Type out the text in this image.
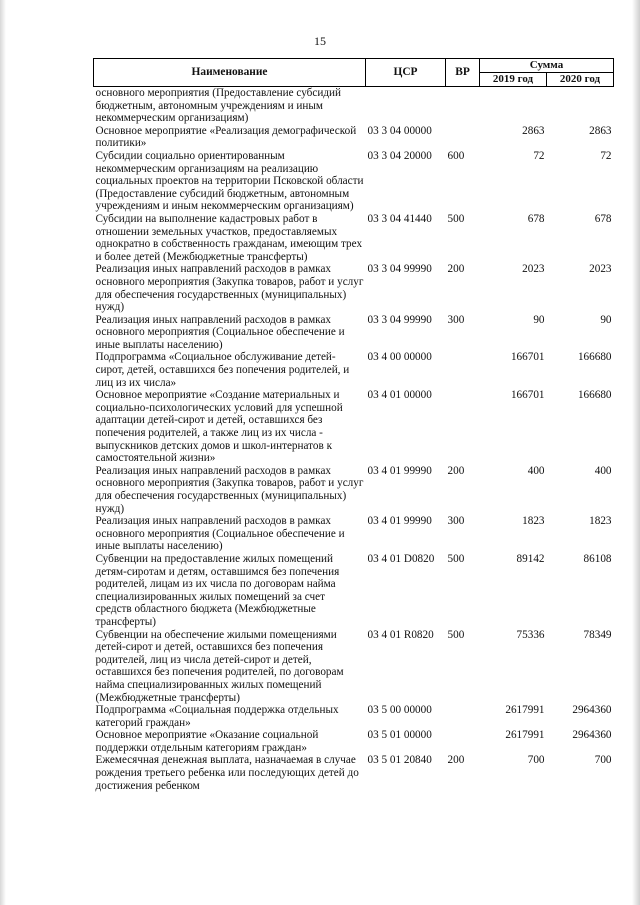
15
Наименование	ЦСР	ВР	Сумма	
			2019 год	2020 год
основного мероприятия (Предоставление субсидий бюджетным, автономным учреждениям и иным некоммерческим организациям)				
Основное мероприятие «Реализация демографической политики»	03 3 04 00000		2863	2863
Субсидии социально ориентированным некоммерческим организациям на реализацию социальных проектов на территории Псковской области (Предоставление субсидий бюджетным, автономным учреждениям и иным некоммерческим организациям)	03 3 04 20000	600	72	72
Субсидии на выполнение кадастровых работ в отношении земельных участков, предоставляемых однократно в собственность гражданам, имеющим трех и более детей (Межбюджетные трансферты)	03 3 04 41440	500	678	678
Реализация иных направлений расходов в рамках основного мероприятия (Закупка товаров, работ и услуг для обеспечения государственных (муниципальных) нужд)	03 3 04 99990	200	2023	2023
Реализация иных направлений расходов в рамках основного мероприятия (Социальное обеспечение и иные выплаты населению)	03 3 04 99990	300	90	90
Подпрограмма «Социальное обслуживание детей-сирот, детей, оставшихся без попечения родителей, и лиц из их числа»	03 4 00 00000		166701	166680
Основное мероприятие «Создание материальных и социально-психологических условий для успешной адаптации детей-сирот и детей, оставшихся без попечения родителей, а также лиц из их числа - выпускников детских домов и школ-интернатов к самостоятельной жизни»	03 4 01 00000		166701	166680
Реализация иных направлений расходов в рамках основного мероприятия (Закупка товаров, работ и услуг для обеспечения государственных (муниципальных) нужд)	03 4 01 99990	200	400	400
Реализация иных направлений расходов в рамках основного мероприятия (Социальное обеспечение и иные выплаты населению)	03 4 01 99990	300	1823	1823
Субвенции на предоставление жилых помещений детям-сиротам и детям, оставшимся без попечения родителей, лицам из их числа по договорам найма специализированных жилых помещений за счет средств областного бюджета (Межбюджетные трансферты)	03 4 01 D0820	500	89142	86108
Субвенции на обеспечение жилыми помещениями детей-сирот и детей, оставшихся без попечения родителей, лиц из числа детей-сирот и детей, оставшихся без попечения родителей, по договорам найма специализированных жилых помещений (Межбюджетные трансферты)	03 4 01 R0820	500	75336	78349
Подпрограмма «Социальная поддержка отдельных категорий граждан»	03 5 00 00000		2617991	2964360
Основное мероприятие «Оказание социальной поддержки отдельным категориям граждан»	03 5 01 00000		2617991	2964360
Ежемесячная денежная выплата, назначаемая в случае рождения третьего ребенка или последующих детей до достижения ребенком	03 5 01 20840	200	700	700
